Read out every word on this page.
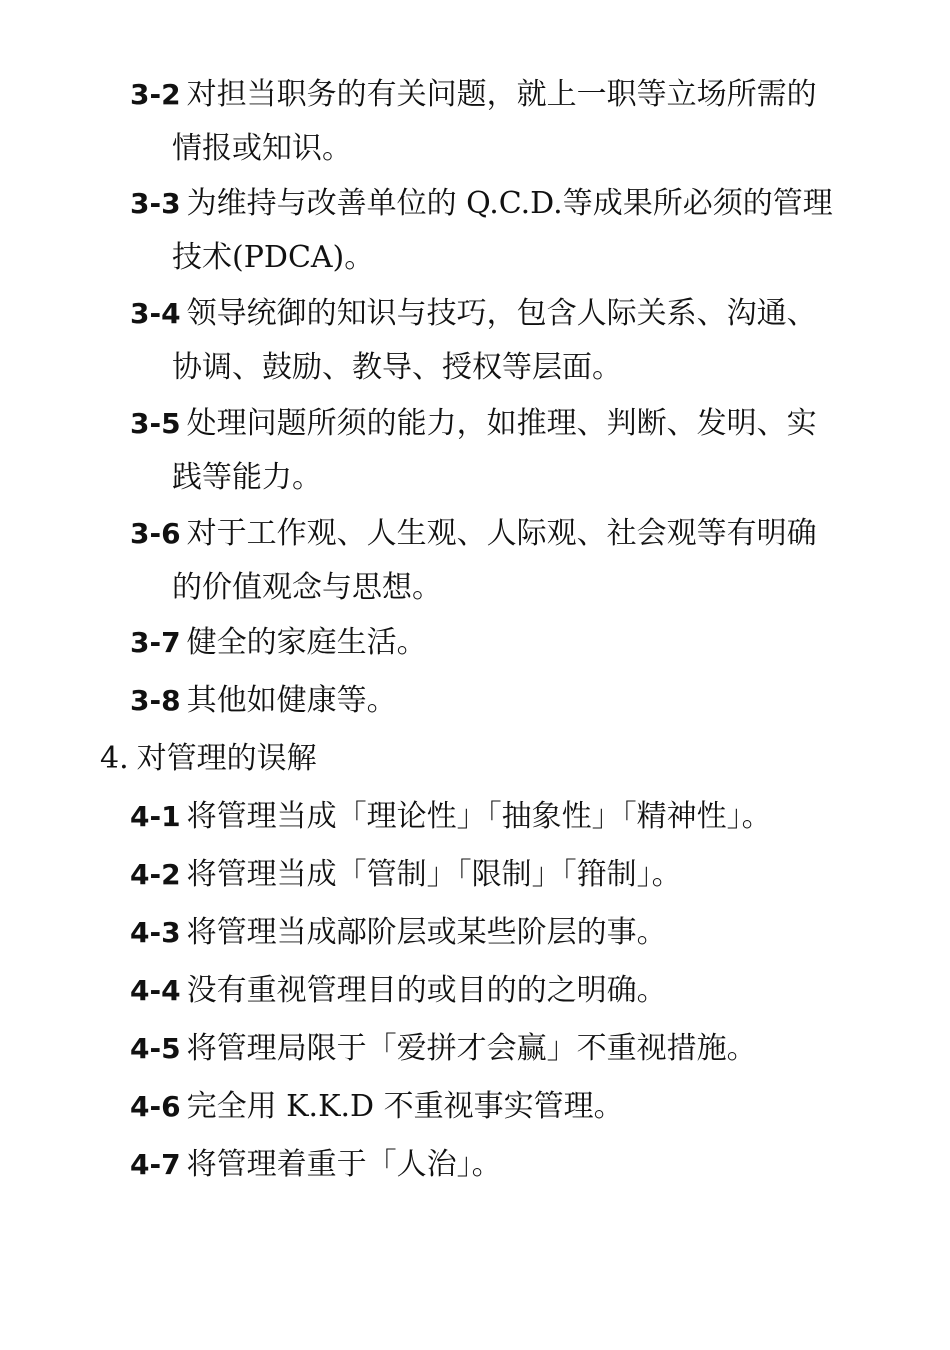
3-2 对担当职务的有关问题，就上一职等立场所需的
情报或知识。
3-3 为维持与改善单位的 Q.C.D.等成果所必须的管理
技术(PDCA)。
3-4 领导统御的知识与技巧，包含人际关系、沟通、
协调、鼓励、教导、授权等层面。
3-5 处理问题所须的能力，如推理、判断、发明、实
践等能力。
3-6 对于工作观、人生观、人际观、社会观等有明确
的价值观念与思想。
3-7 健全的家庭生活。
3-8 其他如健康等。
4. 对管理的误解
4-1 将管理当成「理论性」「抽象性」「精神性」。
4-2 将管理当成「管制」「限制」「箝制」。
4-3 将管理当成鄗阶层或某些阶层的事。
4-4 没有重视管理目的或目的的之明确。
4-5 将管理局限于「爱拼才会赢」不重视措施。
4-6 完全用 K.K.D 不重视事实管理。
4-7 将管理着重于「人治」。
